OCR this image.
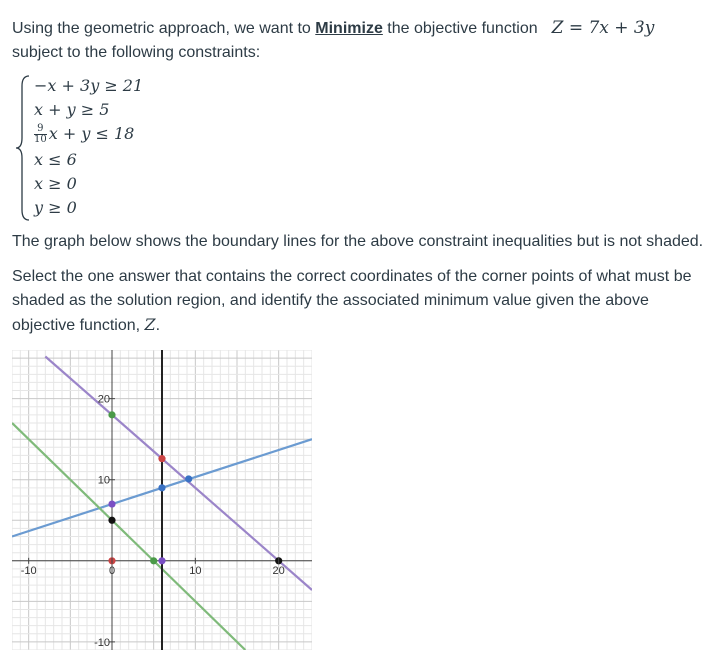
Using the geometric approach, we want to Minimize the objective function Z = 7x + 3y
subject to the following constraints:
−x + 3y ≥ 21
x + y ≥ 5
$\frac{9}{10}$ x + y ≤ 18
x ≤ 6
x ≥ 0
y ≥ 0
The graph below shows the boundary lines for the above constraint inequalities but is not shaded.
Select the one answer that contains the correct coordinates of the corner points of what must be shaded as the solution region, and identify the associated minimum value given the above objective function, Z.
-10	0	10	20
20
10
-10
